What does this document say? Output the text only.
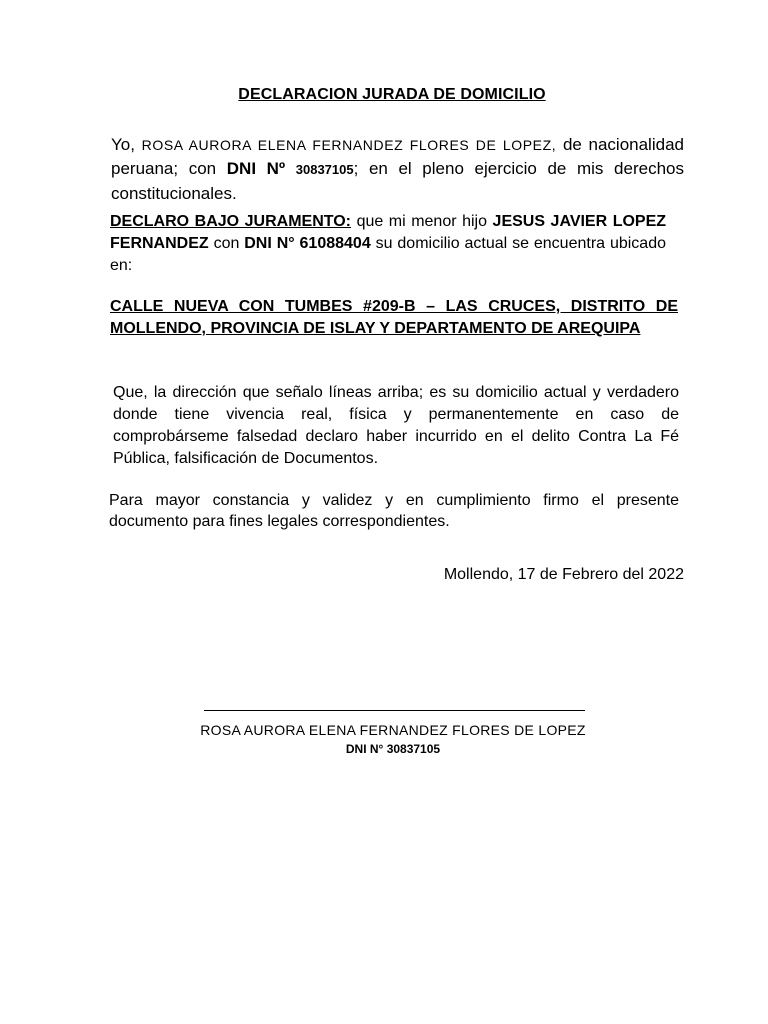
DECLARACION JURADA DE DOMICILIO
Yo, ROSA AURORA ELENA FERNANDEZ FLORES DE LOPEZ, de nacionalidad peruana; con DNI Nº 30837105; en el pleno ejercicio de mis derechos constitucionales.
DECLARO BAJO JURAMENTO: que mi menor hijo JESUS JAVIER LOPEZ FERNANDEZ con DNI N° 61088404 su domicilio actual se encuentra ubicado en:
CALLE NUEVA CON TUMBES #209-B – LAS CRUCES, DISTRITO DE MOLLENDO, PROVINCIA DE ISLAY Y DEPARTAMENTO DE AREQUIPA
Que, la dirección que señalo líneas arriba; es su domicilio actual y verdadero donde tiene vivencia real, física y permanentemente en caso de comprobárseme falsedad declaro haber incurrido en el delito Contra La Fé Pública, falsificación de Documentos.
Para mayor constancia y validez y en cumplimiento firmo el presente documento para fines legales correspondientes.
Mollendo, 17 de Febrero del 2022
ROSA AURORA ELENA FERNANDEZ FLORES DE LOPEZ
DNI N° 30837105
